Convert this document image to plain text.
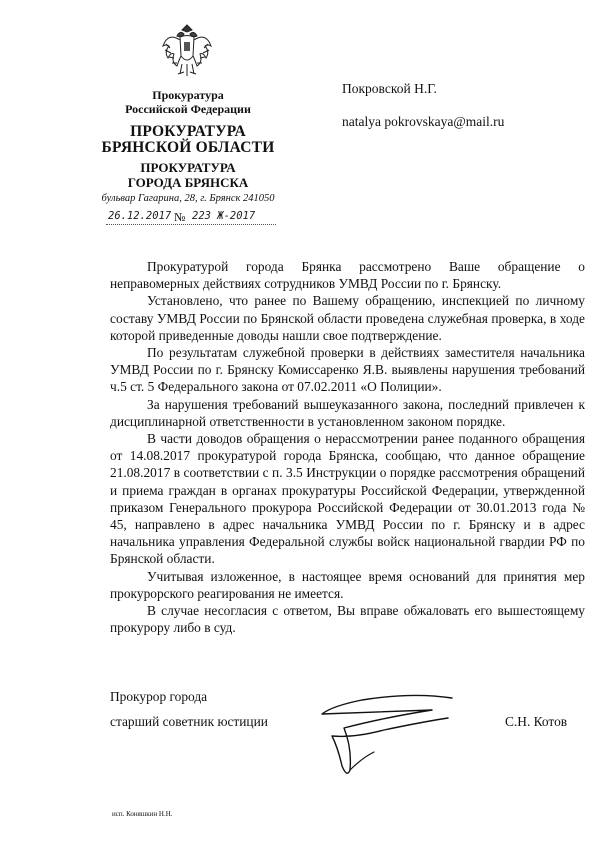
Прокуратура
Российской Федерации
ПРОКУРАТУРА
БРЯНСКОЙ ОБЛАСТИ
ПРОКУРАТУРА
ГОРОДА БРЯНСКА
бульвар Гагарина, 28, г. Брянск 241050
26.12.2017 № 223 Ж-2017
Покровской Н.Г.
natalya pokrovskaya@mail.ru

Прокуратурой города Брянка рассмотрено Ваше обращение о неправомерных действиях сотрудников УМВД России по г. Брянску.

Установлено, что ранее по Вашему обращению, инспекцией по личному составу УМВД России по Брянской области проведена служебная проверка, в ходе которой приведенные доводы нашли свое подтверждение.

По результатам служебной проверки в действиях заместителя начальника УМВД России по г. Брянску Комиссаренко Я.В. выявлены нарушения требований ч.5 ст. 5 Федерального закона от 07.02.2011 «О Полиции».

За нарушения требований вышеуказанного закона, последний привлечен к дисциплинарной ответственности в установленном законом порядке.

В части доводов обращения о нерассмотрении ранее поданного обращения от 14.08.2017 прокуратурой города Брянска, сообщаю, что данное обращение 21.08.2017 в соответствии с п. 3.5 Инструкции о порядке рассмотрения обращений и приема граждан в органах прокуратуры Российской Федерации, утвержденной приказом Генерального прокурора Российской Федерации от 30.01.2013 года № 45, направлено в адрес начальника УМВД России по г. Брянску и в адрес начальника управления Федеральной службы войск национальной гвардии РФ по Брянской области.

Учитывая изложенное, в настоящее время оснований для принятия мер прокурорского реагирования не имеется.

В случае несогласия с ответом, Вы вправе обжаловать его вышестоящему прокурору либо в суд.

Прокурор города
старший советник юстиции	С.Н. Котов
исп. Коняшкин Н.Н.
